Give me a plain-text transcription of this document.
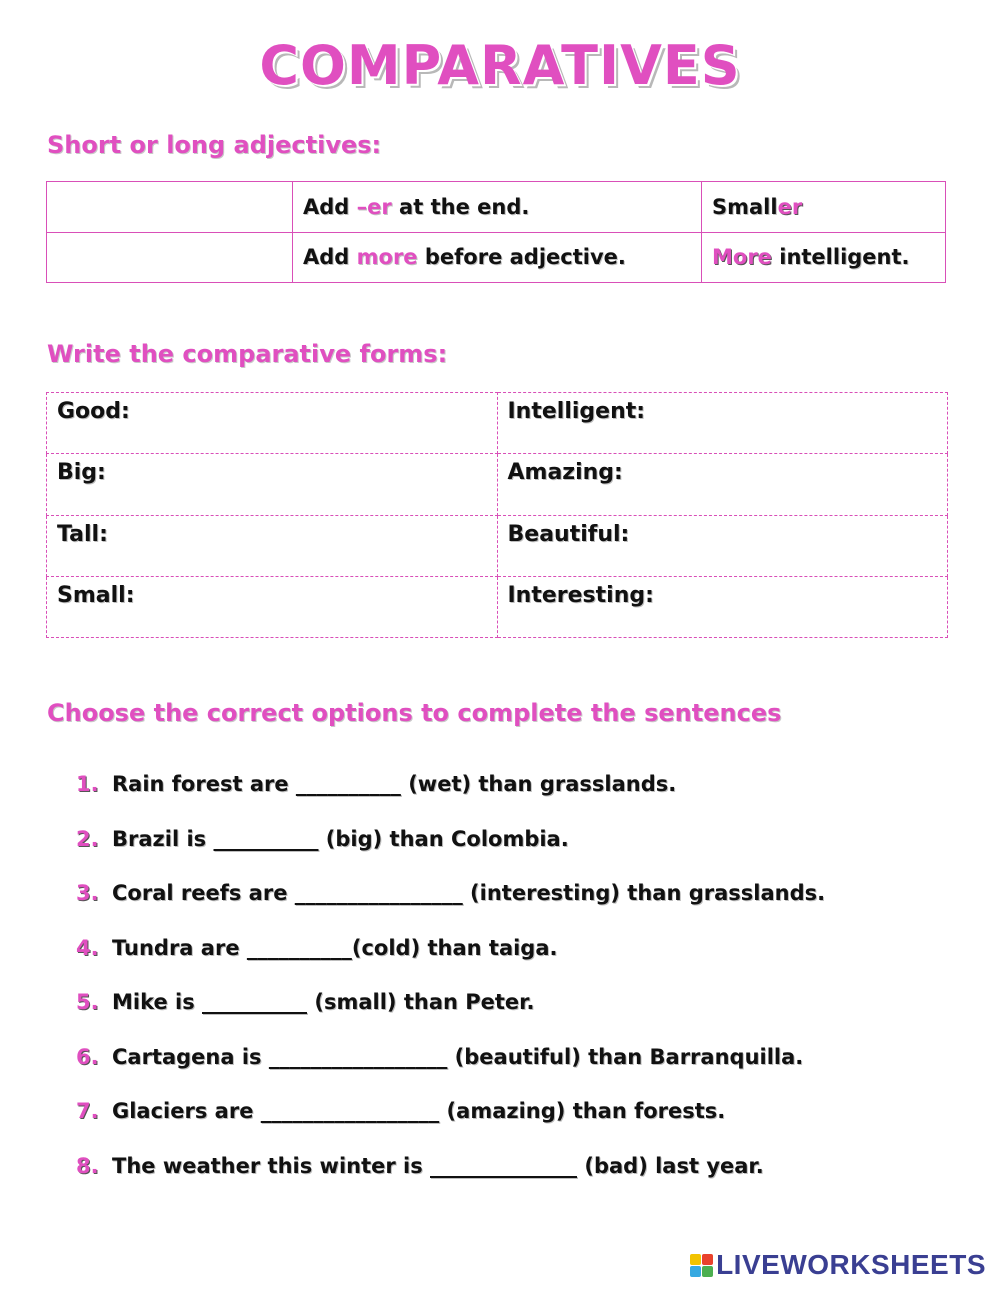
COMPARATIVES
Short or long adjectives:
	Add –er at the end.	Smaller
	Add more before adjective.	More intelligent.
Write the comparative forms:
Good:	Intelligent:
Big:	Amazing:
Tall:	Beautiful:
Small:	Interesting:
Choose the correct options to complete the sentences
1. Rain forest are __________ (wet) than grasslands.
2. Brazil is __________ (big) than Colombia.
3. Coral reefs are ________________ (interesting) than grasslands.
4. Tundra are __________(cold) than taiga.
5. Mike is __________ (small) than Peter.
6. Cartagena is _________________ (beautiful) than Barranquilla.
7. Glaciers are _________________ (amazing) than forests.
8. The weather this winter is ______________ (bad) last year.
LIVEWORKSHEETS
